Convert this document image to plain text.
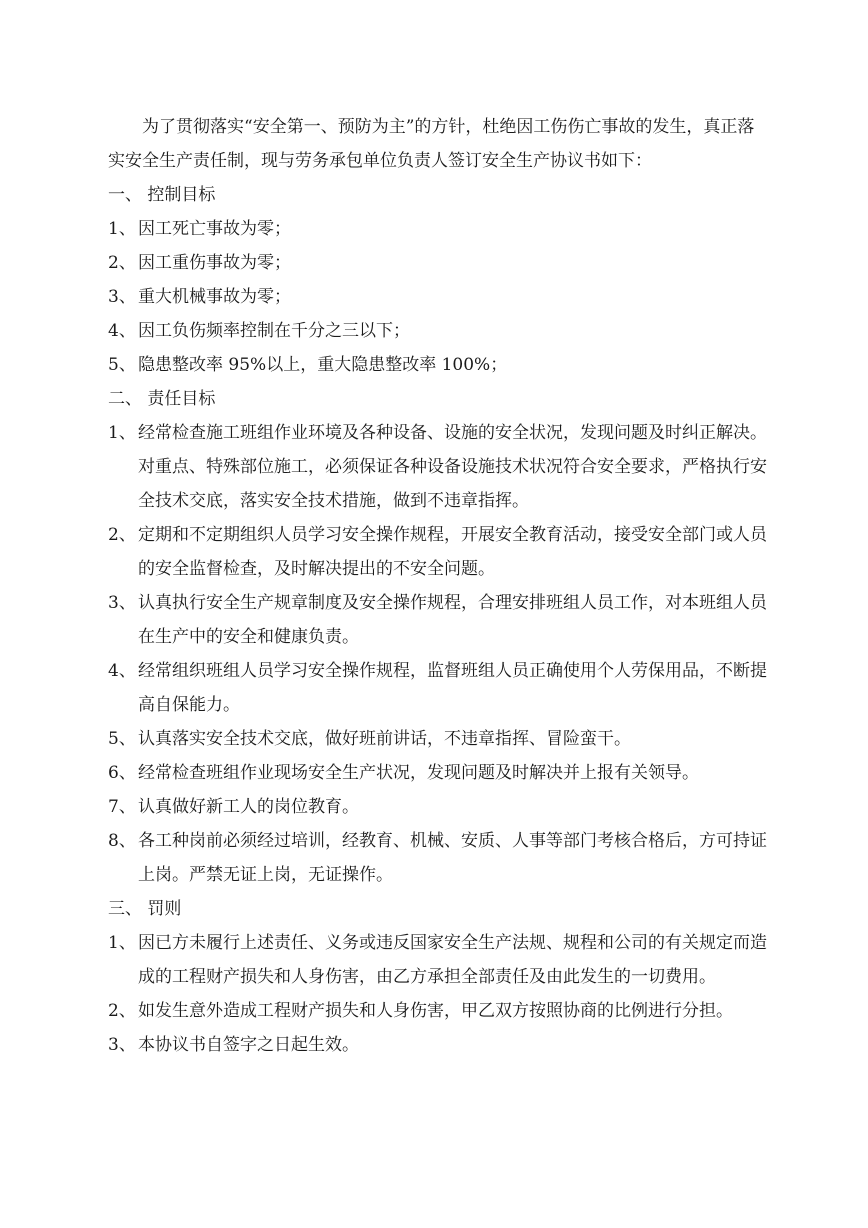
为了贯彻落实“安全第一、预防为主”的方针，杜绝因工伤伤亡事故的发生，真正落
实安全生产责任制，现与劳务承包单位负责人签订安全生产协议书如下：
一、 控制目标
1、 因工死亡事故为零；
2、 因工重伤事故为零；
3、 重大机械事故为零；
4、 因工负伤频率控制在千分之三以下；
5、 隐患整改率 95%以上，重大隐患整改率 100%；
二、 责任目标
1、 经常检查施工班组作业环境及各种设备、设施的安全状况，发现问题及时纠正解决。
对重点、特殊部位施工，必须保证各种设备设施技术状况符合安全要求，严格执行安
全技术交底，落实安全技术措施，做到不违章指挥。
2、 定期和不定期组织人员学习安全操作规程，开展安全教育活动，接受安全部门或人员
的安全监督检查，及时解决提出的不安全问题。
3、 认真执行安全生产规章制度及安全操作规程，合理安排班组人员工作，对本班组人员
在生产中的安全和健康负责。
4、 经常组织班组人员学习安全操作规程，监督班组人员正确使用个人劳保用品，不断提
高自保能力。
5、 认真落实安全技术交底，做好班前讲话，不违章指挥、冒险蛮干。
6、 经常检查班组作业现场安全生产状况，发现问题及时解决并上报有关领导。
7、 认真做好新工人的岗位教育。
8、 各工种岗前必须经过培训，经教育、机械、安质、人事等部门考核合格后，方可持证
上岗。严禁无证上岗，无证操作。
三、 罚则
1、 因已方未履行上述责任、义务或违反国家安全生产法规、规程和公司的有关规定而造
成的工程财产损失和人身伤害，由乙方承担全部责任及由此发生的一切费用。
2、 如发生意外造成工程财产损失和人身伤害，甲乙双方按照协商的比例进行分担。
3、 本协议书自签字之日起生效。
